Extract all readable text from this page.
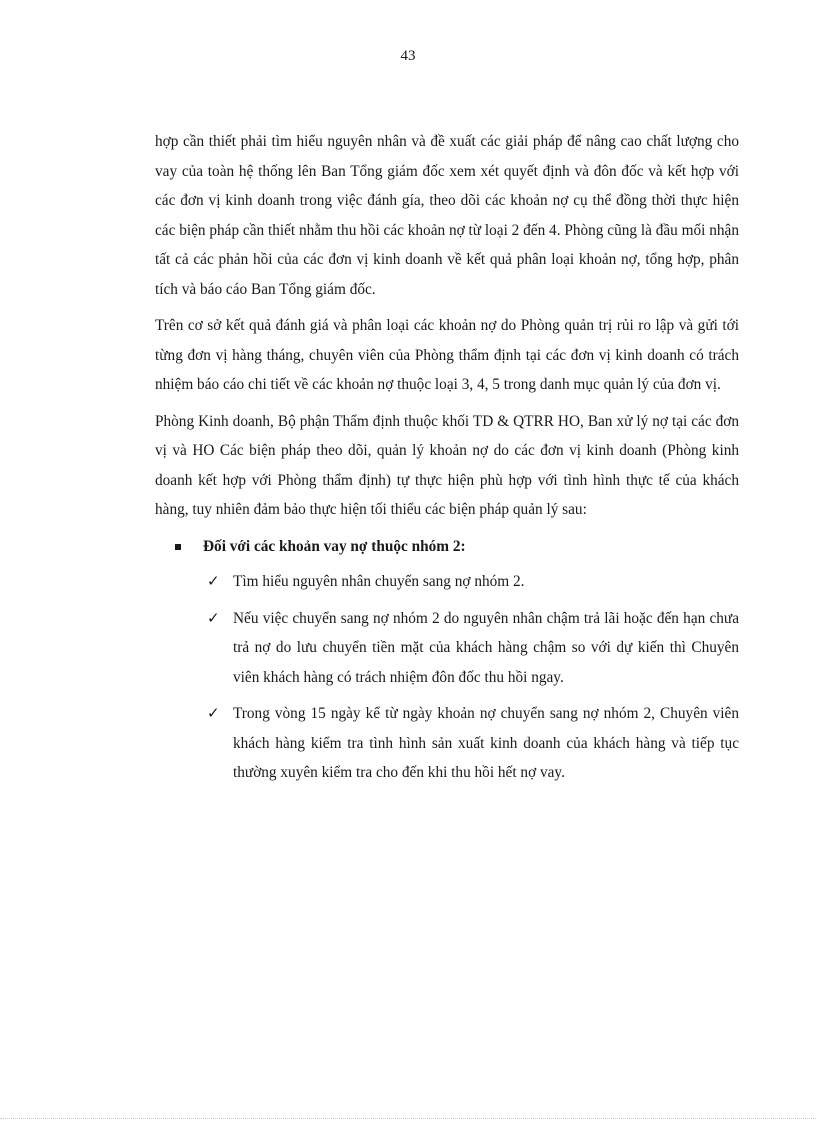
43

hợp cần thiết phải tìm hiểu nguyên nhân và đề xuất các giải pháp để nâng cao chất lượng cho vay của toàn hệ thống lên Ban Tổng giám đốc xem xét quyết định và đôn đốc và kết hợp với các đơn vị kinh doanh trong việc đánh gía, theo dõi các khoản nợ cụ thể đồng thời thực hiện các biện pháp cần thiết nhằm thu hồi các khoản nợ từ loại 2 đến 4. Phòng cũng là đầu mối nhận tất cả các phản hồi của các đơn vị kinh doanh về kết quả phân loại khoản nợ, tổng hợp, phân tích và báo cáo Ban Tổng giám đốc.

Trên cơ sở kết quả đánh giá và phân loại các khoản nợ do Phòng quản trị rủi ro lập và gửi tới từng đơn vị hàng tháng, chuyên viên của Phòng thẩm định tại các đơn vị kinh doanh có trách nhiệm báo cáo chi tiết về các khoản nợ thuộc loại 3, 4, 5 trong danh mục quản lý của đơn vị.

Phòng Kinh doanh, Bộ phận Thẩm định thuộc khối TD & QTRR HO, Ban xử lý nợ tại các đơn vị và HO Các biện pháp theo dõi, quản lý khoản nợ do các đơn vị kinh doanh (Phòng kinh doanh kết hợp với Phòng thẩm định) tự thực hiện phù hợp với tình hình thực tế của khách hàng, tuy nhiên đảm bảo thực hiện tối thiểu các biện pháp quản lý sau:

Đối với các khoản vay nợ thuộc nhóm 2:
✓ Tìm hiểu nguyên nhân chuyển sang nợ nhóm 2.
✓ Nếu việc chuyển sang nợ nhóm 2 do nguyên nhân chậm trả lãi hoặc đến hạn chưa trả nợ do lưu chuyển tiền mặt của khách hàng chậm so với dự kiến thì Chuyên viên khách hàng có trách nhiệm đôn đốc thu hồi ngay.
✓ Trong vòng 15 ngày kể từ ngày khoản nợ chuyển sang nợ nhóm 2, Chuyên viên khách hàng kiểm tra tình hình sản xuất kinh doanh của khách hàng và tiếp tục thường xuyên kiểm tra cho đến khi thu hồi hết nợ vay.
